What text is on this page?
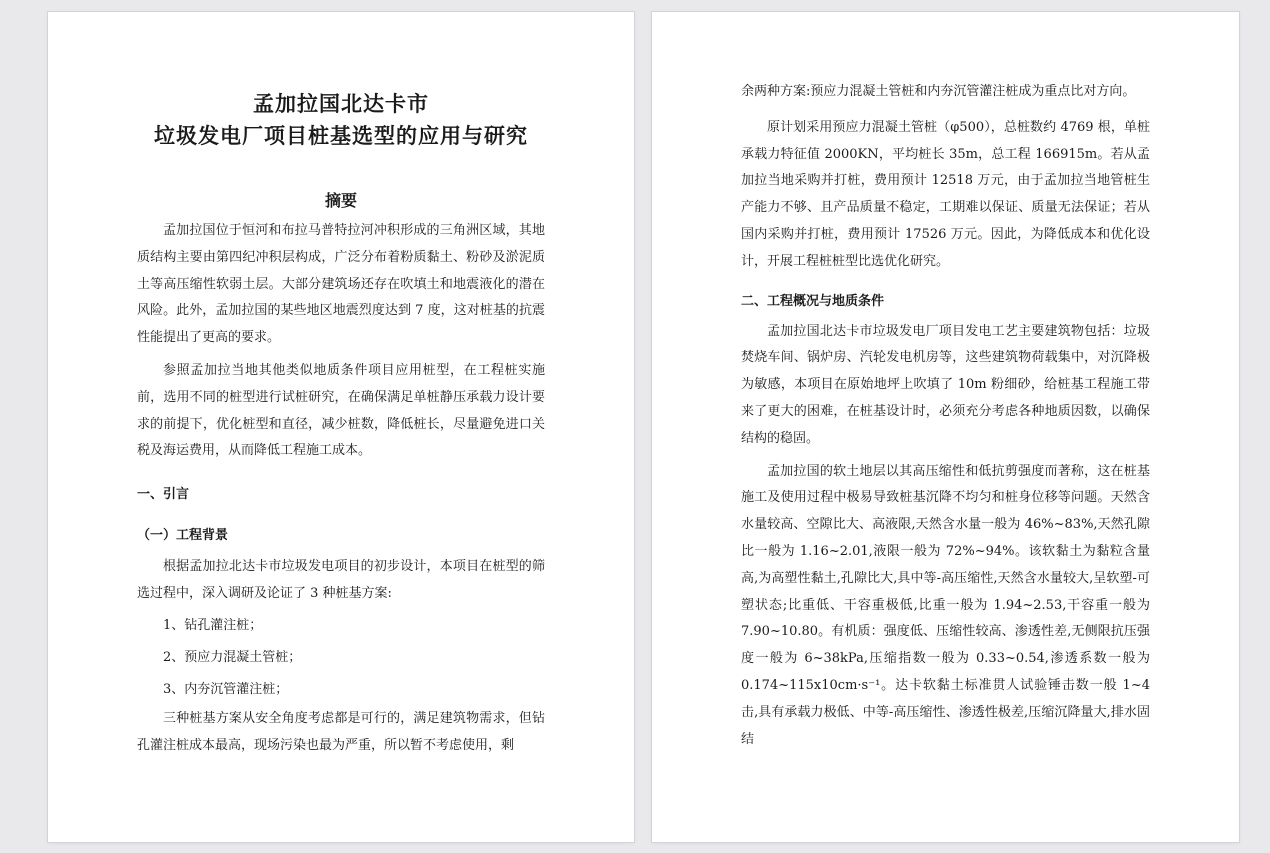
孟加拉国北达卡市
垃圾发电厂项目桩基选型的应用与研究
摘要

孟加拉国位于恒河和布拉马普特拉河冲积形成的三角洲区域，其地质结构主要由第四纪冲积层构成，广泛分布着粉质黏土、粉砂及淤泥质土等高压缩性软弱土层。大部分建筑场还存在吹填土和地震液化的潜在风险。此外，孟加拉国的某些地区地震烈度达到 7 度，这对桩基的抗震性能提出了更高的要求。

参照孟加拉当地其他类似地质条件项目应用桩型，在工程桩实施前，选用不同的桩型进行试桩研究，在确保满足单桩静压承载力设计要求的前提下，优化桩型和直径，减少桩数，降低桩长，尽量避免进口关税及海运费用，从而降低工程施工成本。

一、引言
（一）工程背景

根据孟加拉北达卡市垃圾发电项目的初步设计，本项目在桩型的筛选过程中，深入调研及论证了 3 种桩基方案:

1、钻孔灌注桩；

2、预应力混凝土管桩；

3、内夯沉管灌注桩；

三种桩基方案从安全角度考虑都是可行的，满足建筑物需求，但钻孔灌注桩成本最高，现场污染也最为严重，所以暂不考虑使用，剩

余两种方案:预应力混凝土管桩和内夯沉管灌注桩成为重点比对方向。

原计划采用预应力混凝土管桩（φ500），总桩数约 4769 根，单桩承载力特征值 2000KN，平均桩长 35m，总工程 166915m。若从孟加拉当地采购并打桩，费用预计 12518 万元，由于孟加拉当地管桩生产能力不够、且产品质量不稳定，工期难以保证、质量无法保证；若从国内采购并打桩，费用预计 17526 万元。因此，为降低成本和优化设计，开展工程桩桩型比选优化研究。

二、工程概况与地质条件

孟加拉国北达卡市垃圾发电厂项目发电工艺主要建筑物包括：垃圾焚烧车间、锅炉房、汽轮发电机房等，这些建筑物荷载集中，对沉降极为敏感，本项目在原始地坪上吹填了 10m 粉细砂，给桩基工程施工带来了更大的困难，在桩基设计时，必须充分考虑各种地质因数，以确保结构的稳固。

孟加拉国的软土地层以其高压缩性和低抗剪强度而著称，这在桩基施工及使用过程中极易导致桩基沉降不均匀和桩身位移等问题。天然含水量较高、空隙比大、高液限,天然含水量一般为 46%~83%,天然孔隙比一般为 1.16~2.01,液限一般为 72%~94%。该软黏土为黏粒含量高,为高塑性黏土,孔隙比大,具中等-高压缩性,天然含水量较大,呈软塑-可塑状态;比重低、干容重极低,比重一般为 1.94~2.53,干容重一般为 7.90~10.80。有机质：强度低、压缩性较高、渗透性差,无侧限抗压强度一般为 6~38kPa,压缩指数一般为 0.33~0.54,渗透系数一般为 0.174~115x10cm·s⁻¹。达卡软黏土标准贯人试验锤击数一般 1~4 击,具有承载力极低、中等-高压缩性、渗透性极差,压缩沉降量大,排水固结
